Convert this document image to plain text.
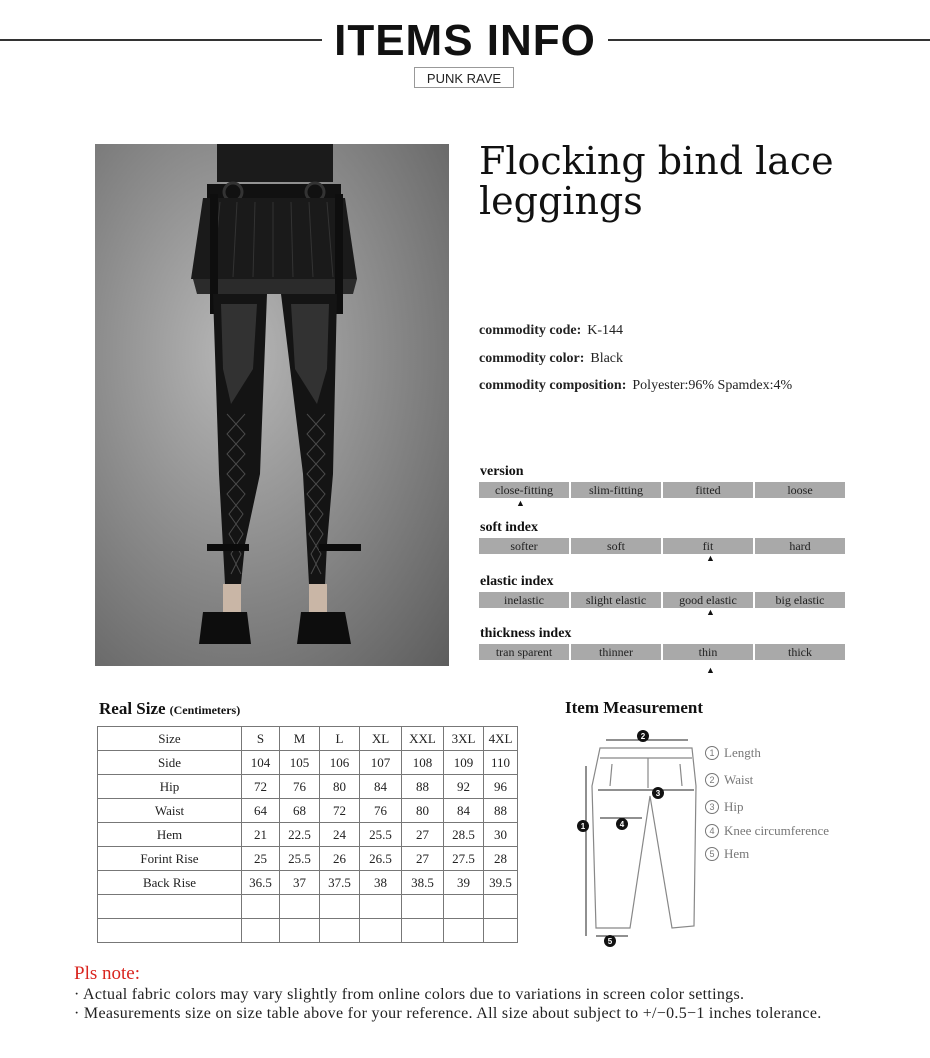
ITEMS INFO
PUNK RAVE
Flocking bind lace leggings
commodity code: K-144
commodity color: Black
commodity composition: Polyester:96% Spamdex:4%
version
close-fitting	slim-fitting	fitted	loose
▲
soft index
softer	soft	fit	hard
▲
elastic index
inelastic	slight elastic	good elastic	big elastic
▲
thickness index
tran sparent	thinner	thin	thick
▲
Real Size (Centimeters)
Size	S	M	L	XL	XXL	3XL	4XL
Side	104	105	106	107	108	109	110
Hip	72	76	80	84	88	92	96
Waist	64	68	72	76	80	84	88
Hem	21	22.5	24	25.5	27	28.5	30
Forint Rise	25	25.5	26	26.5	27	27.5	28
Back Rise	36.5	37	37.5	38	38.5	39	39.5

Item Measurement
2
3
4
1
5
1 Length
2 Waist
3 Hip
4 Knee circumference
5 Hem
Pls note:
· Actual fabric colors may vary slightly from online colors due to variations in screen color settings.
· Measurements size on size table above for your reference. All size about subject to +/−0.5−1 inches tolerance.
